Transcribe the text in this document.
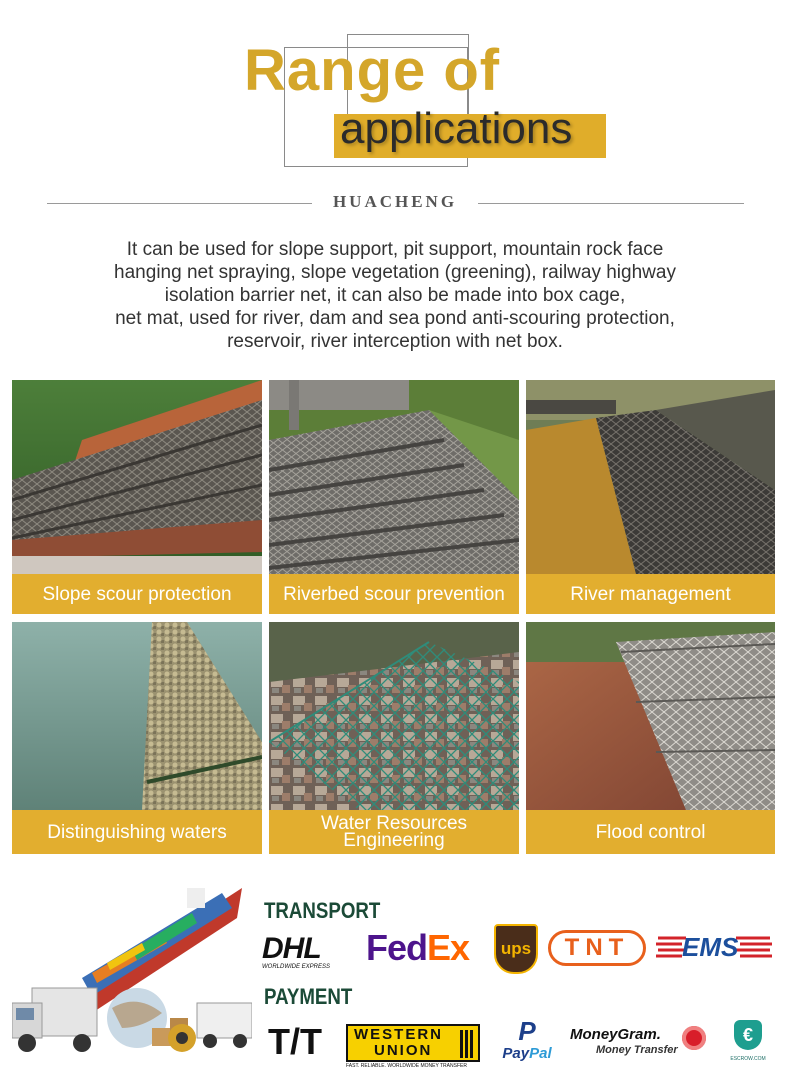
Range of
applications
HUACHENG
It can be used for slope support, pit support, mountain rock face
hanging net spraying, slope vegetation (greening), railway highway
isolation barrier net, it can also be made into box cage,
net mat, used for river, dam and sea pond anti-scouring protection,
reservoir, river interception with net box.
Slope scour protection	Riverbed scour prevention	River management
Distinguishing waters	Water Resources
Engineering	Flood control
TRANSPORT
PAYMENT
DHL
WORLDWIDE EXPRESS FedEx ups TNT EMS
T/T WESTERN
UNION
FAST. RELIABLE. WORLDWIDE MONEY TRANSFER
P
PayPal
MoneyGram.
Money Transfer
€
ESCROW.COM
